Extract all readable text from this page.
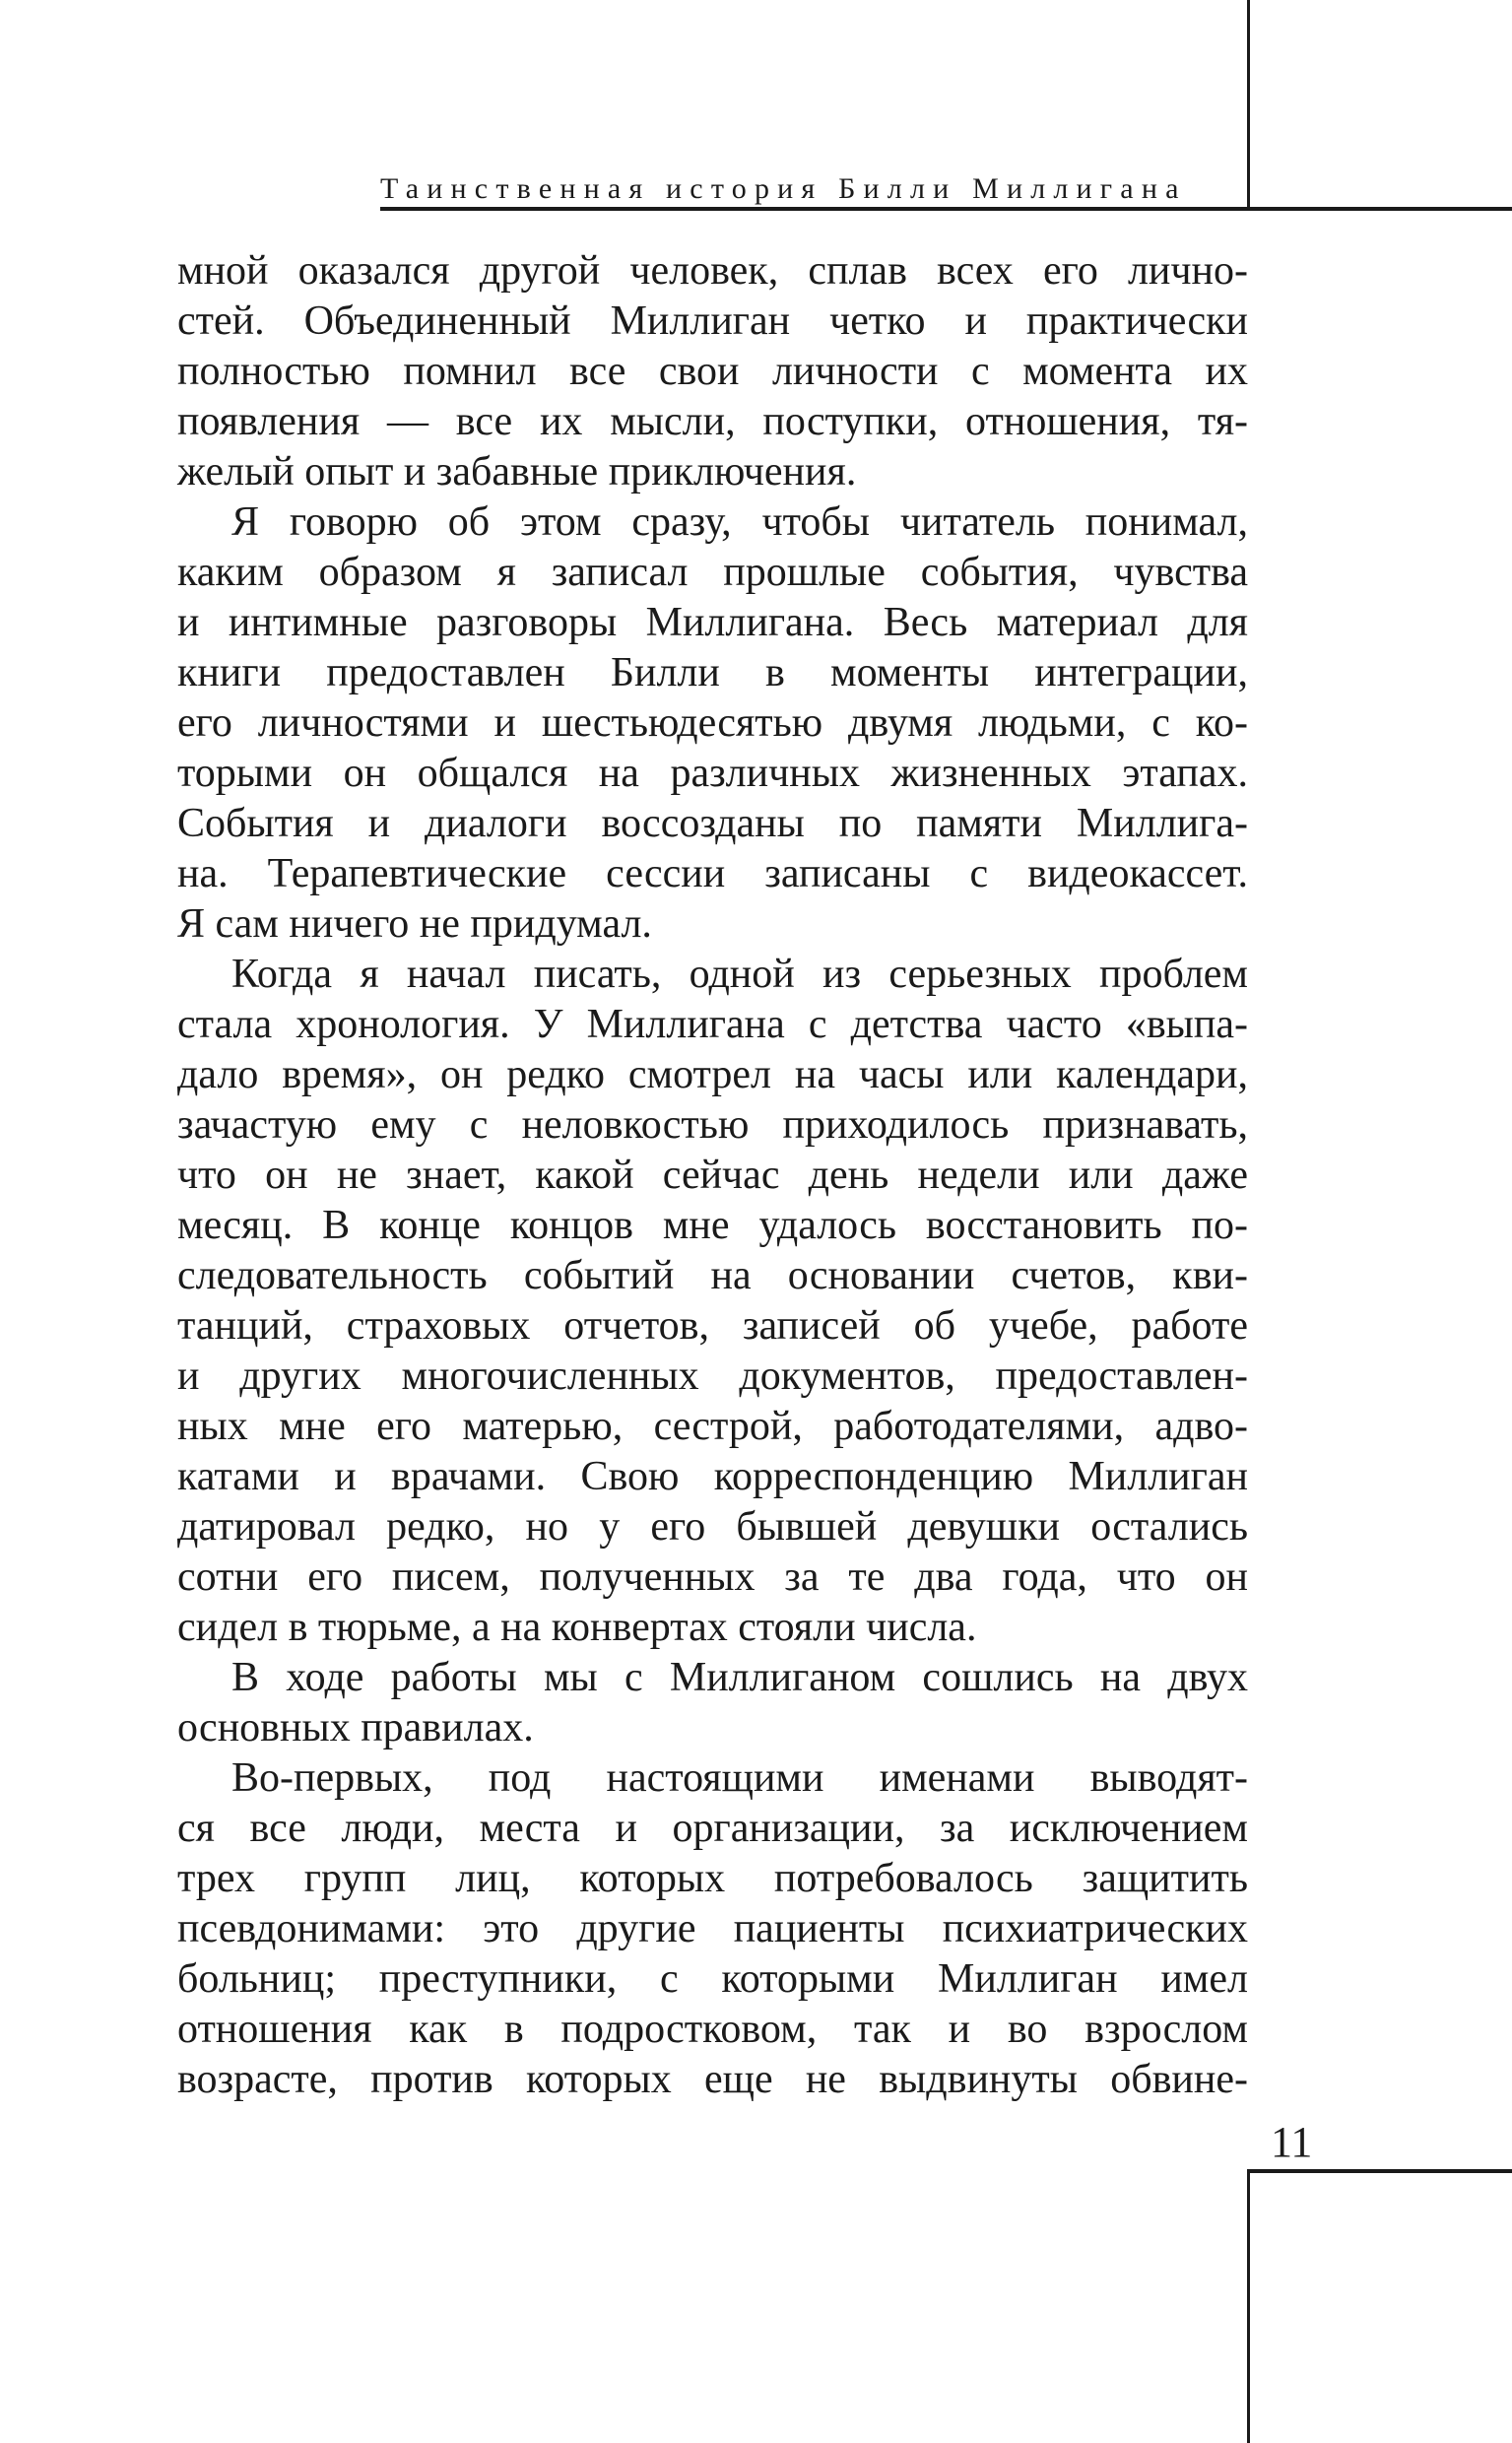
Таинственная история Билли Миллигана
мной оказался другой человек, сплав всех его лично-
стей. Объединенный Миллиган четко и практически
полностью помнил все свои личности с момента их
появления — все их мысли, поступки, отношения, тя-
желый опыт и забавные приключения.
Я говорю об этом сразу, чтобы читатель понимал,
каким образом я записал прошлые события, чувства
и интимные разговоры Миллигана. Весь материал для
книги предоставлен Билли в моменты интеграции,
его личностями и шестьюдесятью двумя людьми, с ко-
торыми он общался на различных жизненных этапах.
События и диалоги воссозданы по памяти Миллига-
на. Терапевтические сессии записаны с видеокассет.
Я сам ничего не придумал.
Когда я начал писать, одной из серьезных проблем
стала хронология. У Миллигана с детства часто «выпа-
дало время», он редко смотрел на часы или календари,
зачастую ему с неловкостью приходилось признавать,
что он не знает, какой сейчас день недели или даже
месяц. В конце концов мне удалось восстановить по-
следовательность событий на основании счетов, кви-
танций, страховых отчетов, записей об учебе, работе
и других многочисленных документов, предоставлен-
ных мне его матерью, сестрой, работодателями, адво-
катами и врачами. Свою корреспонденцию Миллиган
датировал редко, но у его бывшей девушки остались
сотни его писем, полученных за те два года, что он
сидел в тюрьме, а на конвертах стояли числа.
В ходе работы мы с Миллиганом сошлись на двух
основных правилах.
Во-первых, под настоящими именами выводят-
ся все люди, места и организации, за исключением
трех групп лиц, которых потребовалось защитить
псевдонимами: это другие пациенты психиатрических
больниц; преступники, с которыми Миллиган имел
отношения как в подростковом, так и во взрослом
возрасте, против которых еще не выдвинуты обвине-
11
